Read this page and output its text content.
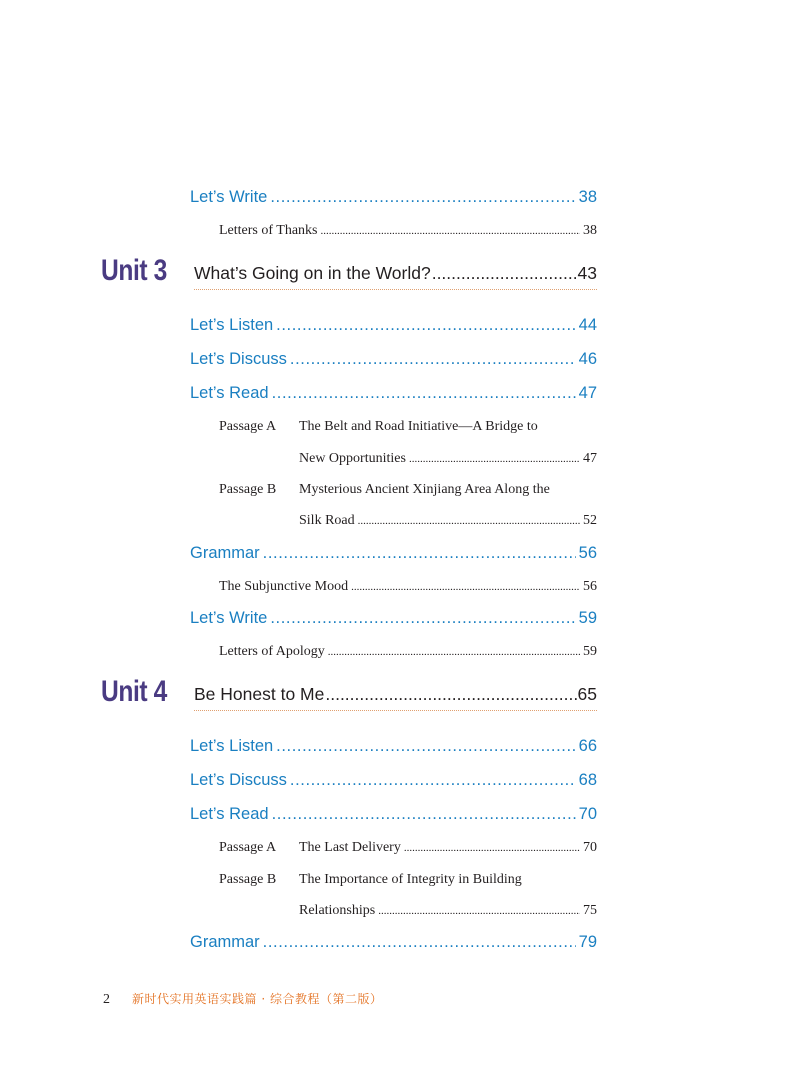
Let’s Write .....	38
Letters of Thanks .....	38
Unit 3 What’s Going on in the World? .....	43
Let’s Listen .....	44
Let’s Discuss .....	46
Let’s Read .....	47
Passage A	The Belt and Road Initiative—A Bridge to
New Opportunities .....	47
Passage B	Mysterious Ancient Xinjiang Area Along the
Silk Road .....	52
Grammar .....	56
The Subjunctive Mood .....	56
Let’s Write .....	59
Letters of Apology .....	59
Unit 4 Be Honest to Me .....	65
Let’s Listen .....	66
Let’s Discuss .....	68
Let’s Read .....	70
Passage A	The Last Delivery .....	70
Passage B	The Importance of Integrity in Building
Relationships .....	75
Grammar .....	79
2 新时代实用英语实践篇 · 综合教程（第二版）
